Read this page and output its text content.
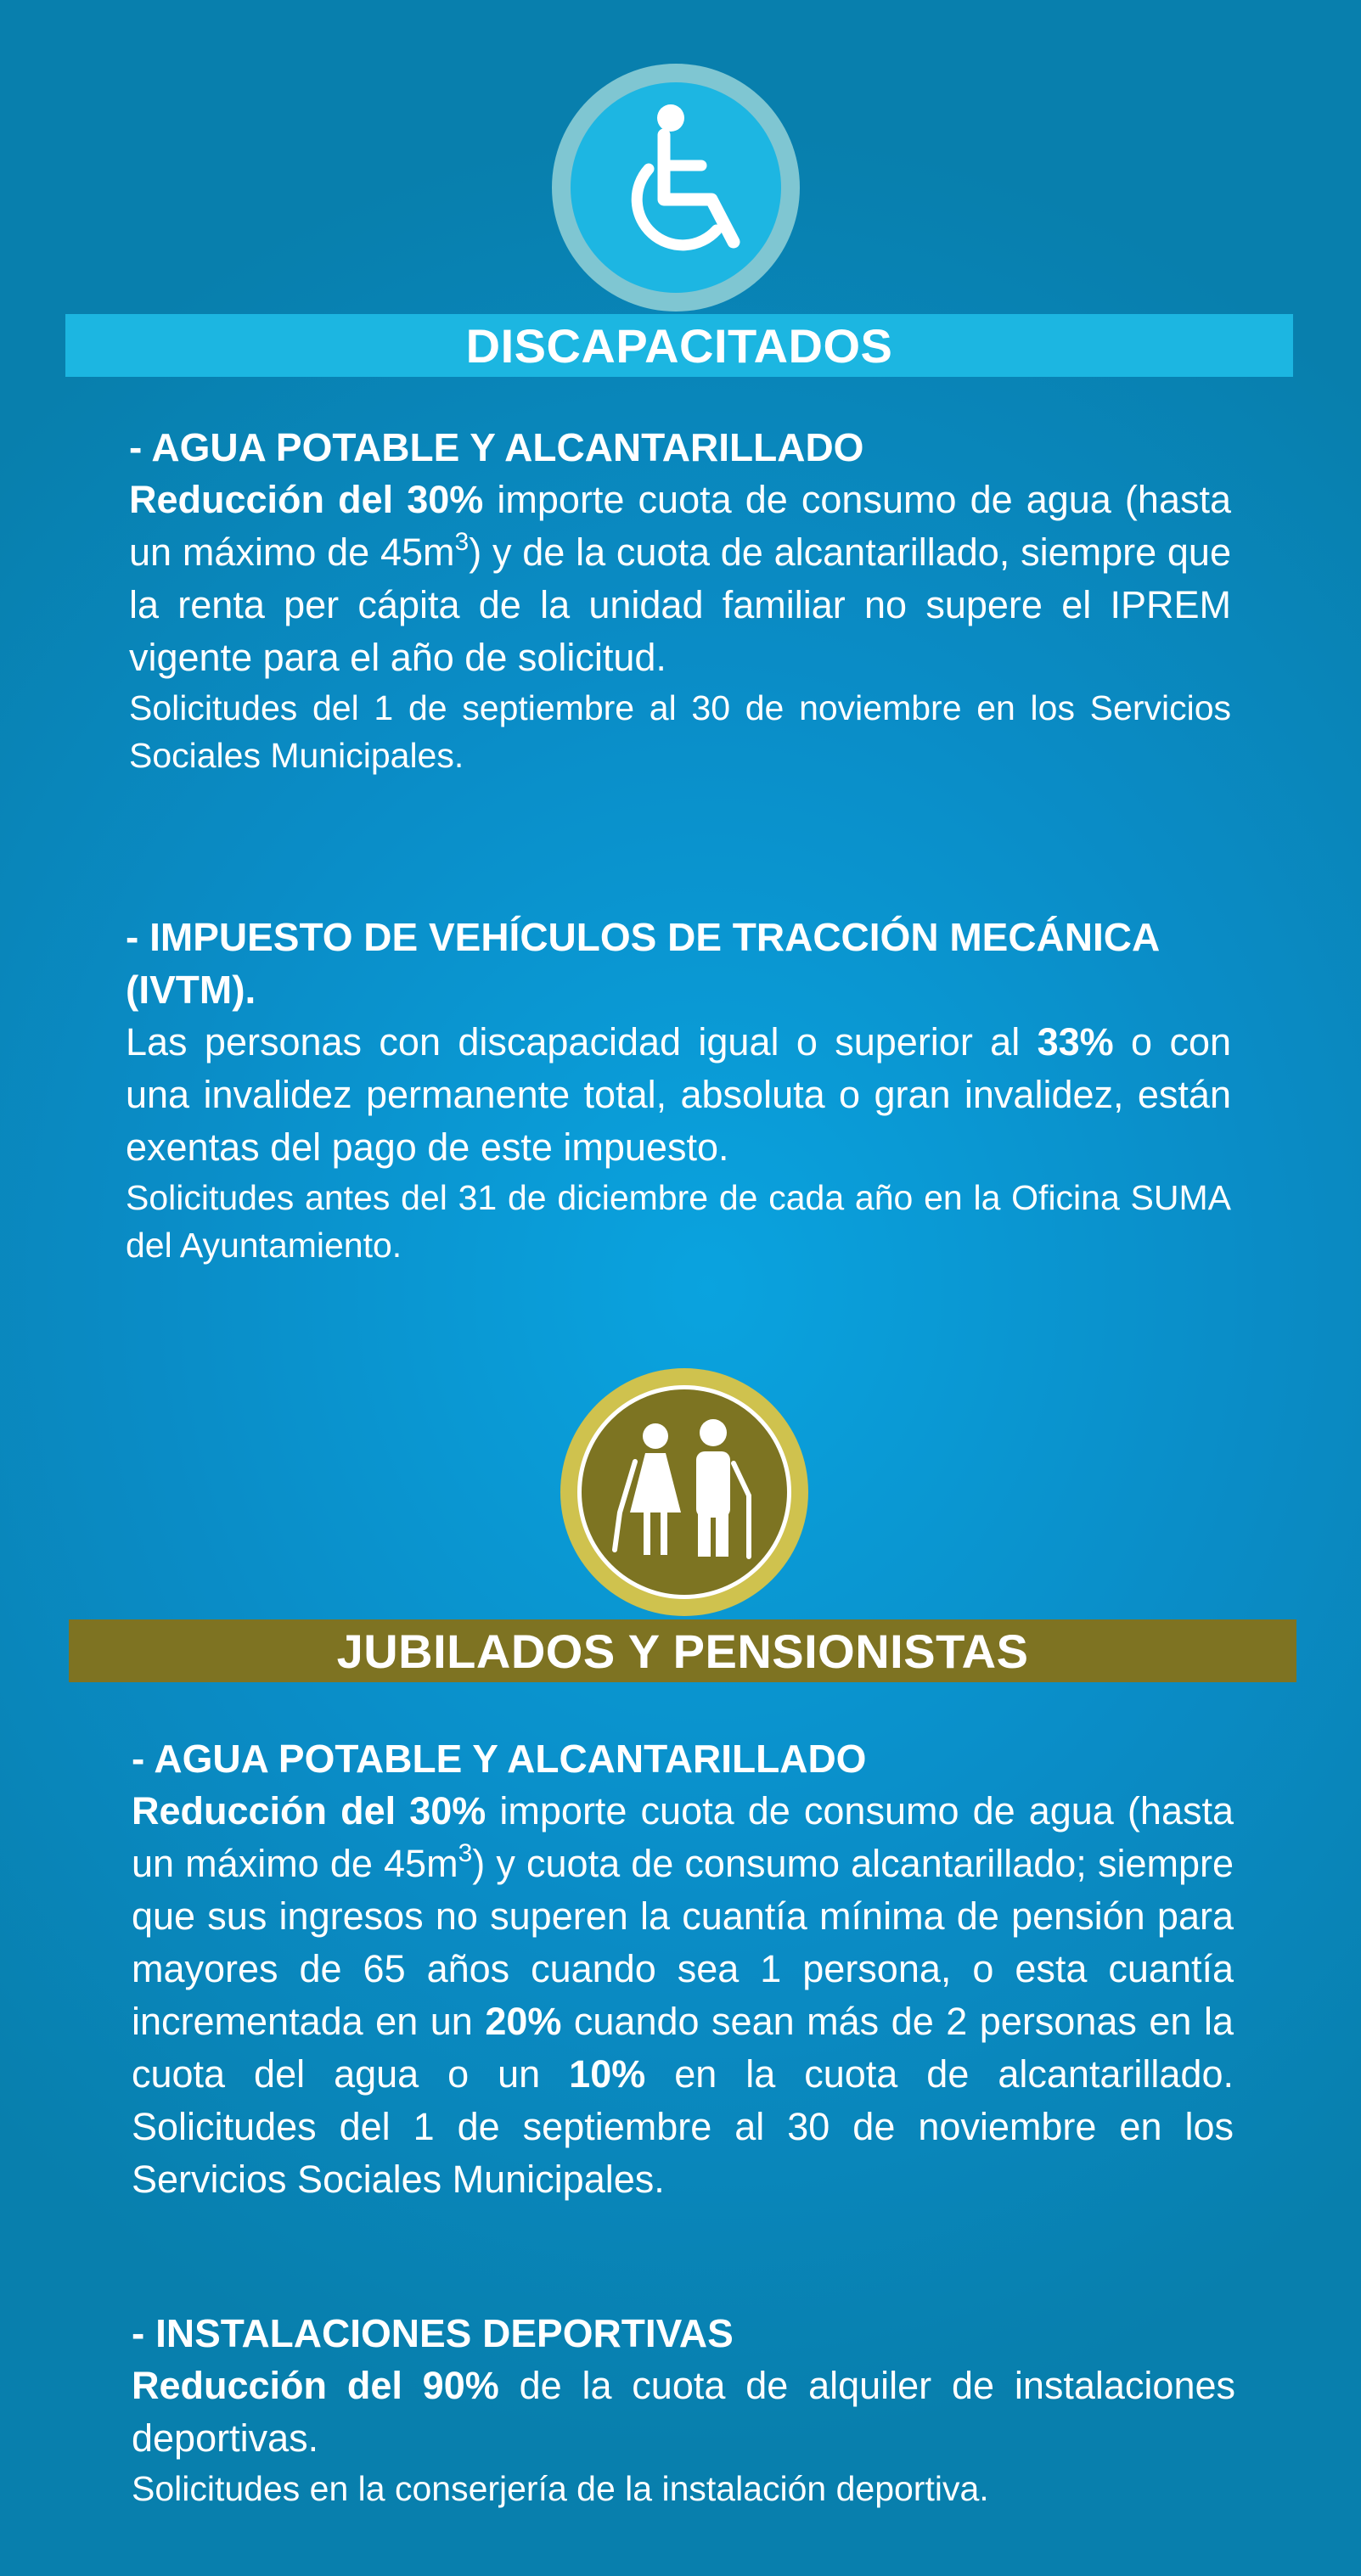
DISCAPACITADOS

- AGUA POTABLE Y ALCANTARILLADO

Reducción del 30% importe cuota de consumo de agua (hasta un máximo de $45m^3$) y de la cuota de alcantarillado, siempre que la renta per cápita de la unidad familiar no supere el IPREM vigente para el año de solicitud.

Solicitudes del 1 de septiembre al 30 de noviembre en los Servicios Sociales Municipales.

- IMPUESTO DE VEHÍCULOS DE TRACCIÓN MECÁNICA (IVTM).

Las personas con discapacidad igual o superior al 33% o con una invalidez permanente total, absoluta o gran invalidez, están exentas del pago de este impuesto.

Solicitudes antes del 31 de diciembre de cada año en la Oficina SUMA del Ayuntamiento.

JUBILADOS Y PENSIONISTAS

- AGUA POTABLE Y ALCANTARILLADO

Reducción del 30% importe cuota de consumo de agua (hasta un máximo de $45m^3$) y cuota de consumo alcantarillado; siempre que sus ingresos no superen la cuantía mínima de pensión para mayores de 65 años cuando sea 1 persona, o esta cuantía incrementada en un 20% cuando sean más de 2 personas en la cuota del agua o un 10% en la cuota de alcantarillado. Solicitudes del 1 de septiembre al 30 de noviembre en los Servicios Sociales Municipales.

- INSTALACIONES DEPORTIVAS

Reducción del 90% de la cuota de alquiler de instalaciones deportivas.

Solicitudes en la conserjería de la instalación deportiva.
